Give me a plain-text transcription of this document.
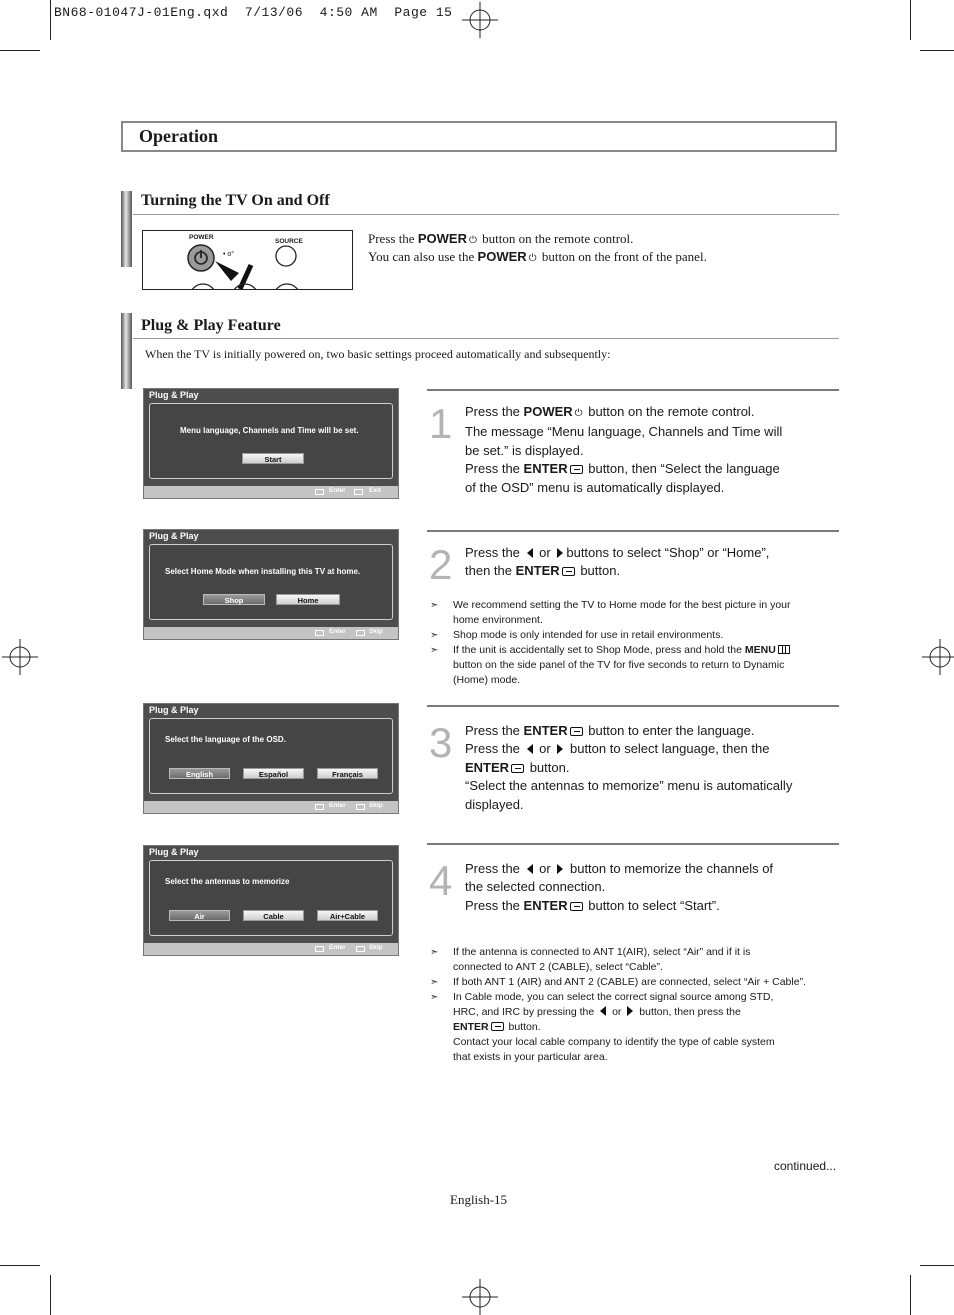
BN68-01047J-01Eng.qxd  7/13/06  4:50 AM  Page 15
Operation
Turning the TV On and Off
• o°
POWER
SOURCE	Press the POWER ⏻ button on the remote control.
You can also use the POWER ⏻ button on the front of the panel.
Plug & Play Feature
When the TV is initially powered on, two basic settings proceed automatically and subsequently:
Plug & Play
Menu language, Channels and Time will be set.
Start
Enter	Exit
Plug & Play
Select Home Mode when installing this TV at home.
Shop	Home
Enter	Skip
Plug & Play
Select the language of the OSD.
English	Español	Français
Enter	Skip
Plug & Play
Select the antennas to memorize
Air	Cable	Air+Cable
Enter	Skip
1 Press the POWER ⏻ button on the remote control.
The message “Menu language, Channels and Time will
be set.” is displayed.
Press the ENTER button, then “Select the language
of the OSD” menu is automatically displayed.
2 Press the or buttons to select “Shop” or “Home”,
then the ENTER button.
➣
➣
➣
We recommend setting the TV to Home mode for the best picture in your
home environment.
Shop mode is only intended for use in retail environments.
If the unit is accidentally set to Shop Mode, press and hold the MENU
button on the side panel of the TV for five seconds to return to Dynamic
(Home) mode.
3 Press the ENTER button to enter the language.
Press the or button to select language, then the
ENTER button.
“Select the antennas to memorize” menu is automatically
displayed.
4 Press the or button to memorize the channels of
the selected connection.
Press the ENTER button to select “Start”.
➣
➣
➣
If the antenna is connected to ANT 1(AIR), select “Air” and if it is
connected to ANT 2 (CABLE), select “Cable”.
If both ANT 1 (AIR) and ANT 2 (CABLE) are connected, select “Air + Cable”.
In Cable mode, you can select the correct signal source among STD,
HRC, and IRC by pressing the or button, then press the
ENTER button.
Contact your local cable company to identify the type of cable system
that exists in your particular area.
continued...
English-15
